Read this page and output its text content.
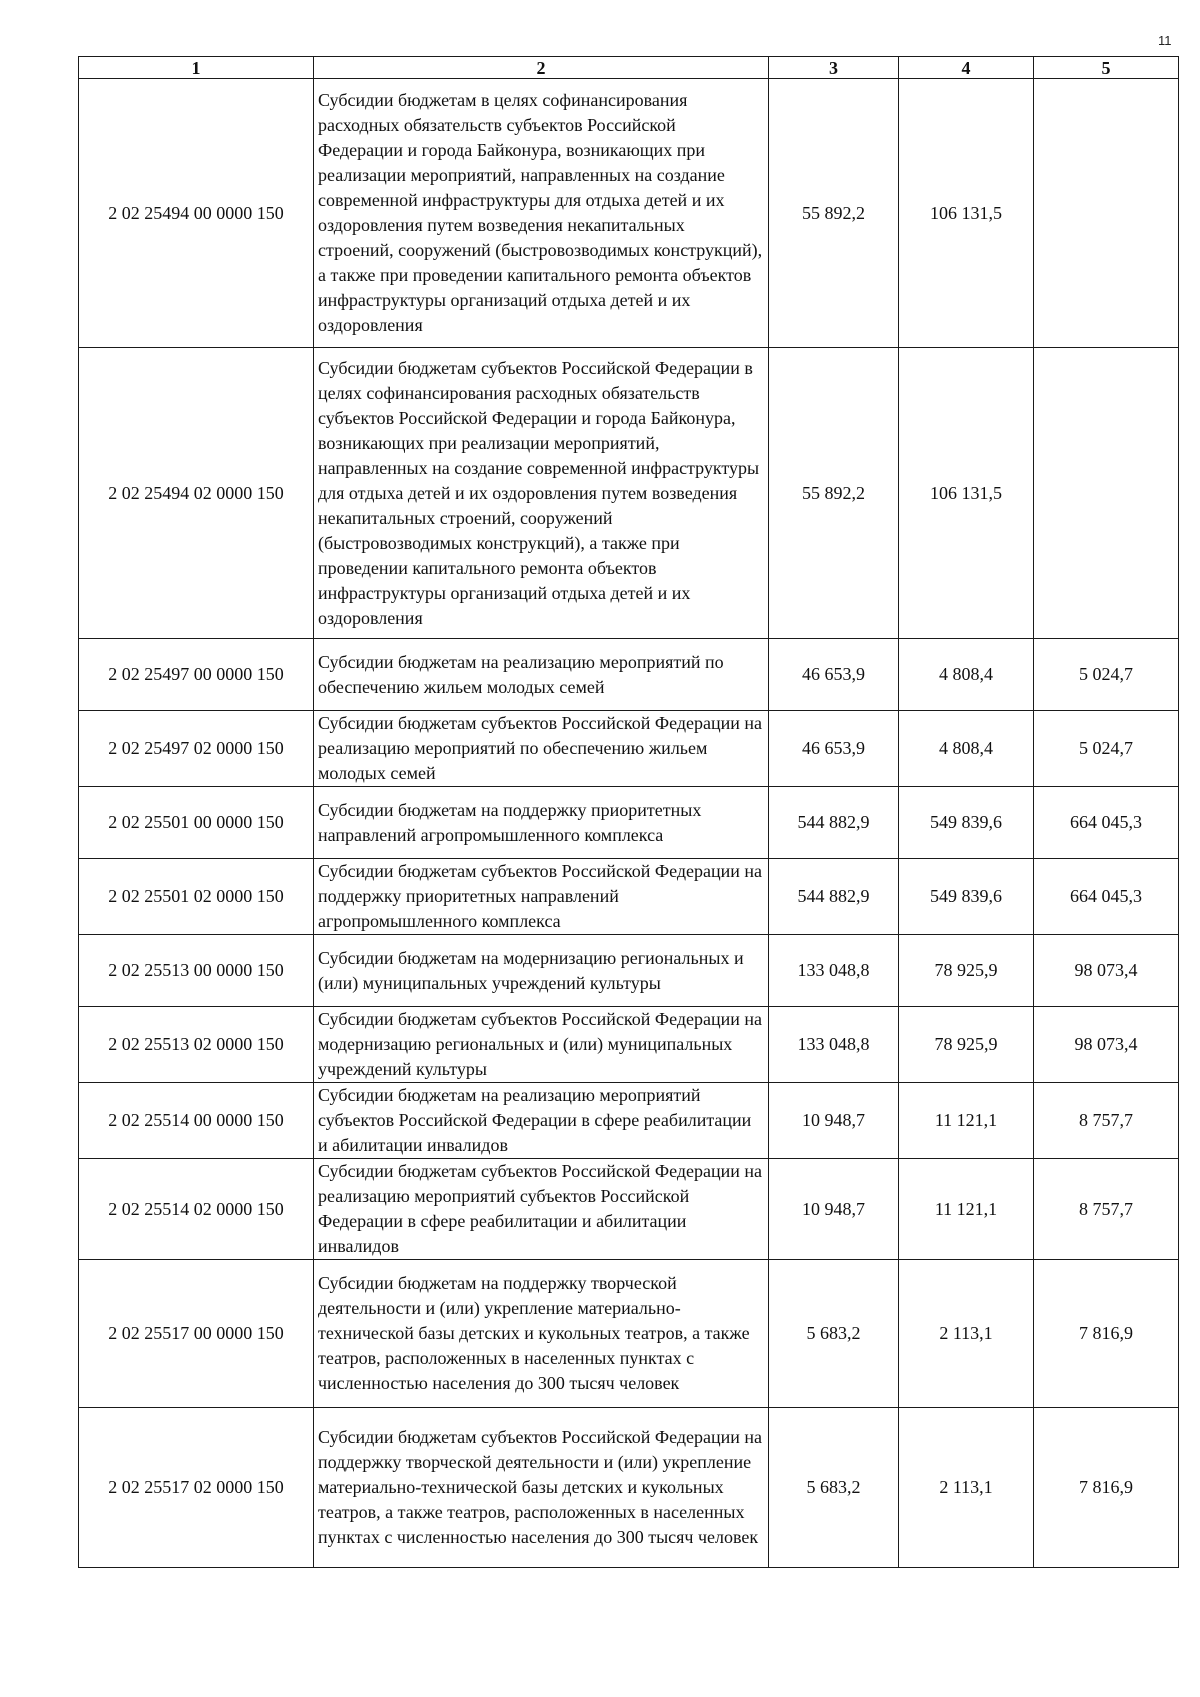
11
1	2	3	4	5
2 02 25494 00 0000 150	Субсидии бюджетам в целях софинансирования расходных обязательств субъектов Российской Федерации и города Байконура, возникающих при реализации мероприятий, направленных на создание современной инфраструктуры для отдыха детей и их оздоровления путем возведения некапитальных строений, сооружений (быстровозводимых конструкций), а также при проведении капитального ремонта объектов инфраструктуры организаций отдыха детей и их оздоровления	55 892,2	106 131,5	
2 02 25494 02 0000 150	Субсидии бюджетам субъектов Российской Федерации в целях софинансирования расходных обязательств субъектов Российской Федерации и города Байконура, возникающих при реализации мероприятий, направленных на создание современной инфраструктуры для отдыха детей и их оздоровления путем возведения некапитальных строений, сооружений (быстровозводимых конструкций), а также при проведении капитального ремонта объектов инфраструктуры организаций отдыха детей и их оздоровления	55 892,2	106 131,5	
2 02 25497 00 0000 150	Субсидии бюджетам на реализацию мероприятий по обеспечению жильем молодых семей	46 653,9	4 808,4	5 024,7
2 02 25497 02 0000 150	Субсидии бюджетам субъектов Российской Федерации на реализацию мероприятий по обеспечению жильем молодых семей	46 653,9	4 808,4	5 024,7
2 02 25501 00 0000 150	Субсидии бюджетам на поддержку приоритетных направлений агропромышленного комплекса	544 882,9	549 839,6	664 045,3
2 02 25501 02 0000 150	Субсидии бюджетам субъектов Российской Федерации на поддержку приоритетных направлений агропромышленного комплекса	544 882,9	549 839,6	664 045,3
2 02 25513 00 0000 150	Субсидии бюджетам на модернизацию региональных и (или) муниципальных учреждений культуры	133 048,8	78 925,9	98 073,4
2 02 25513 02 0000 150	Субсидии бюджетам субъектов Российской Федерации на модернизацию региональных и (или) муниципальных учреждений культуры	133 048,8	78 925,9	98 073,4
2 02 25514 00 0000 150	Субсидии бюджетам на реализацию мероприятий субъектов Российской Федерации в сфере реабилитации и абилитации инвалидов	10 948,7	11 121,1	8 757,7
2 02 25514 02 0000 150	Субсидии бюджетам субъектов Российской Федерации на реализацию мероприятий субъектов Российской Федерации в сфере реабилитации и абилитации инвалидов	10 948,7	11 121,1	8 757,7
2 02 25517 00 0000 150	Субсидии бюджетам на поддержку творческой деятельности и (или) укрепление материально-технической базы детских и кукольных театров, а также театров, расположенных в населенных пунктах с численностью населения до 300 тысяч человек	5 683,2	2 113,1	7 816,9
2 02 25517 02 0000 150	Субсидии бюджетам субъектов Российской Федерации на поддержку творческой деятельности и (или) укрепление материально-технической базы детских и кукольных театров, а также театров, расположенных в населенных пунктах с численностью населения до 300 тысяч человек	5 683,2	2 113,1	7 816,9
